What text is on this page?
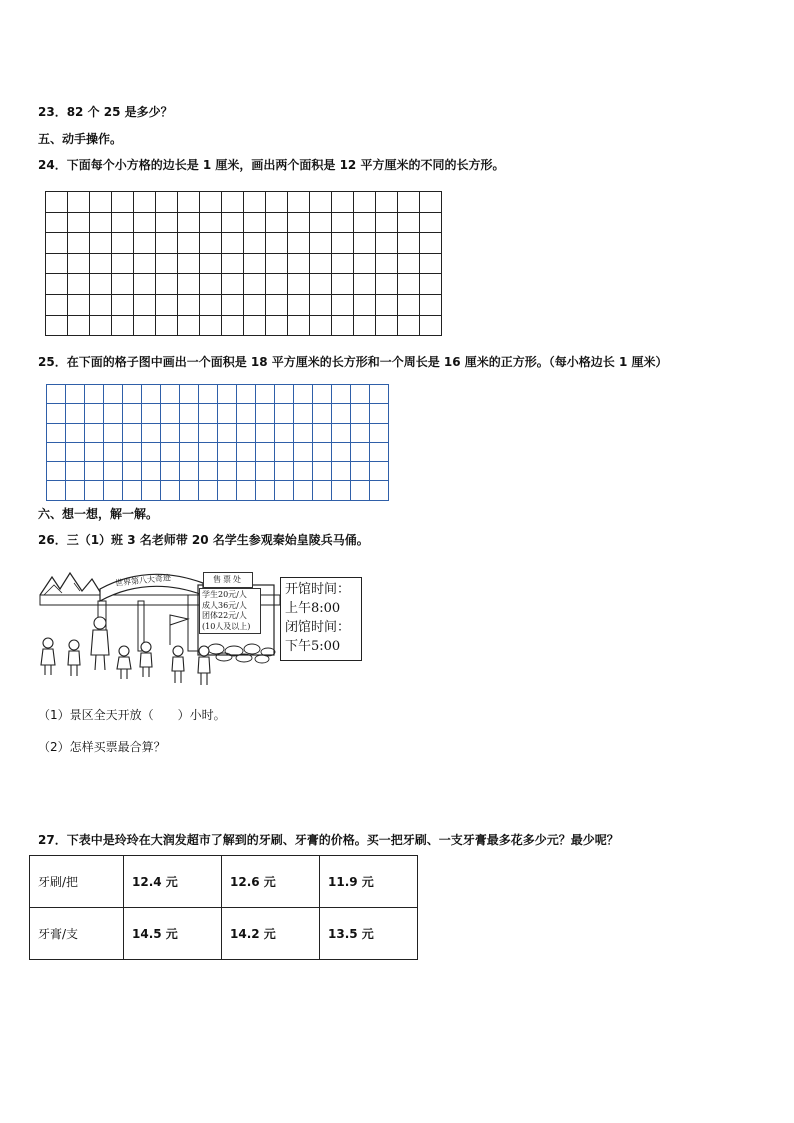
23．82 个 25 是多少？
五、动手操作。
24．下面每个小方格的边长是 1 厘米，画出两个面积是 12 平方厘米的不同的长方形。
25．在下面的格子图中画出一个面积是 18 平方厘米的长方形和一个周长是 16 厘米的正方形。（每小格边长 1 厘米）
六、想一想，解一解。
26．三（1）班 3 名老师带 20 名学生参观秦始皇陵兵马俑。
世界第八大奇迹	售票处
学生20元/人
成人36元/人
团体22元/人
(10人及以上)
开馆时间：
上午8:00
闭馆时间：
下午5:00
（1）景区全天开放（　　）小时。
（2）怎样买票最合算？
27．下表中是玲玲在大润发超市了解到的牙刷、牙膏的价格。买一把牙刷、一支牙膏最多花多少元？最少呢？
牙刷/把	12.4 元	12.6 元	11.9 元
牙膏/支	14.5 元	14.2 元	13.5 元
